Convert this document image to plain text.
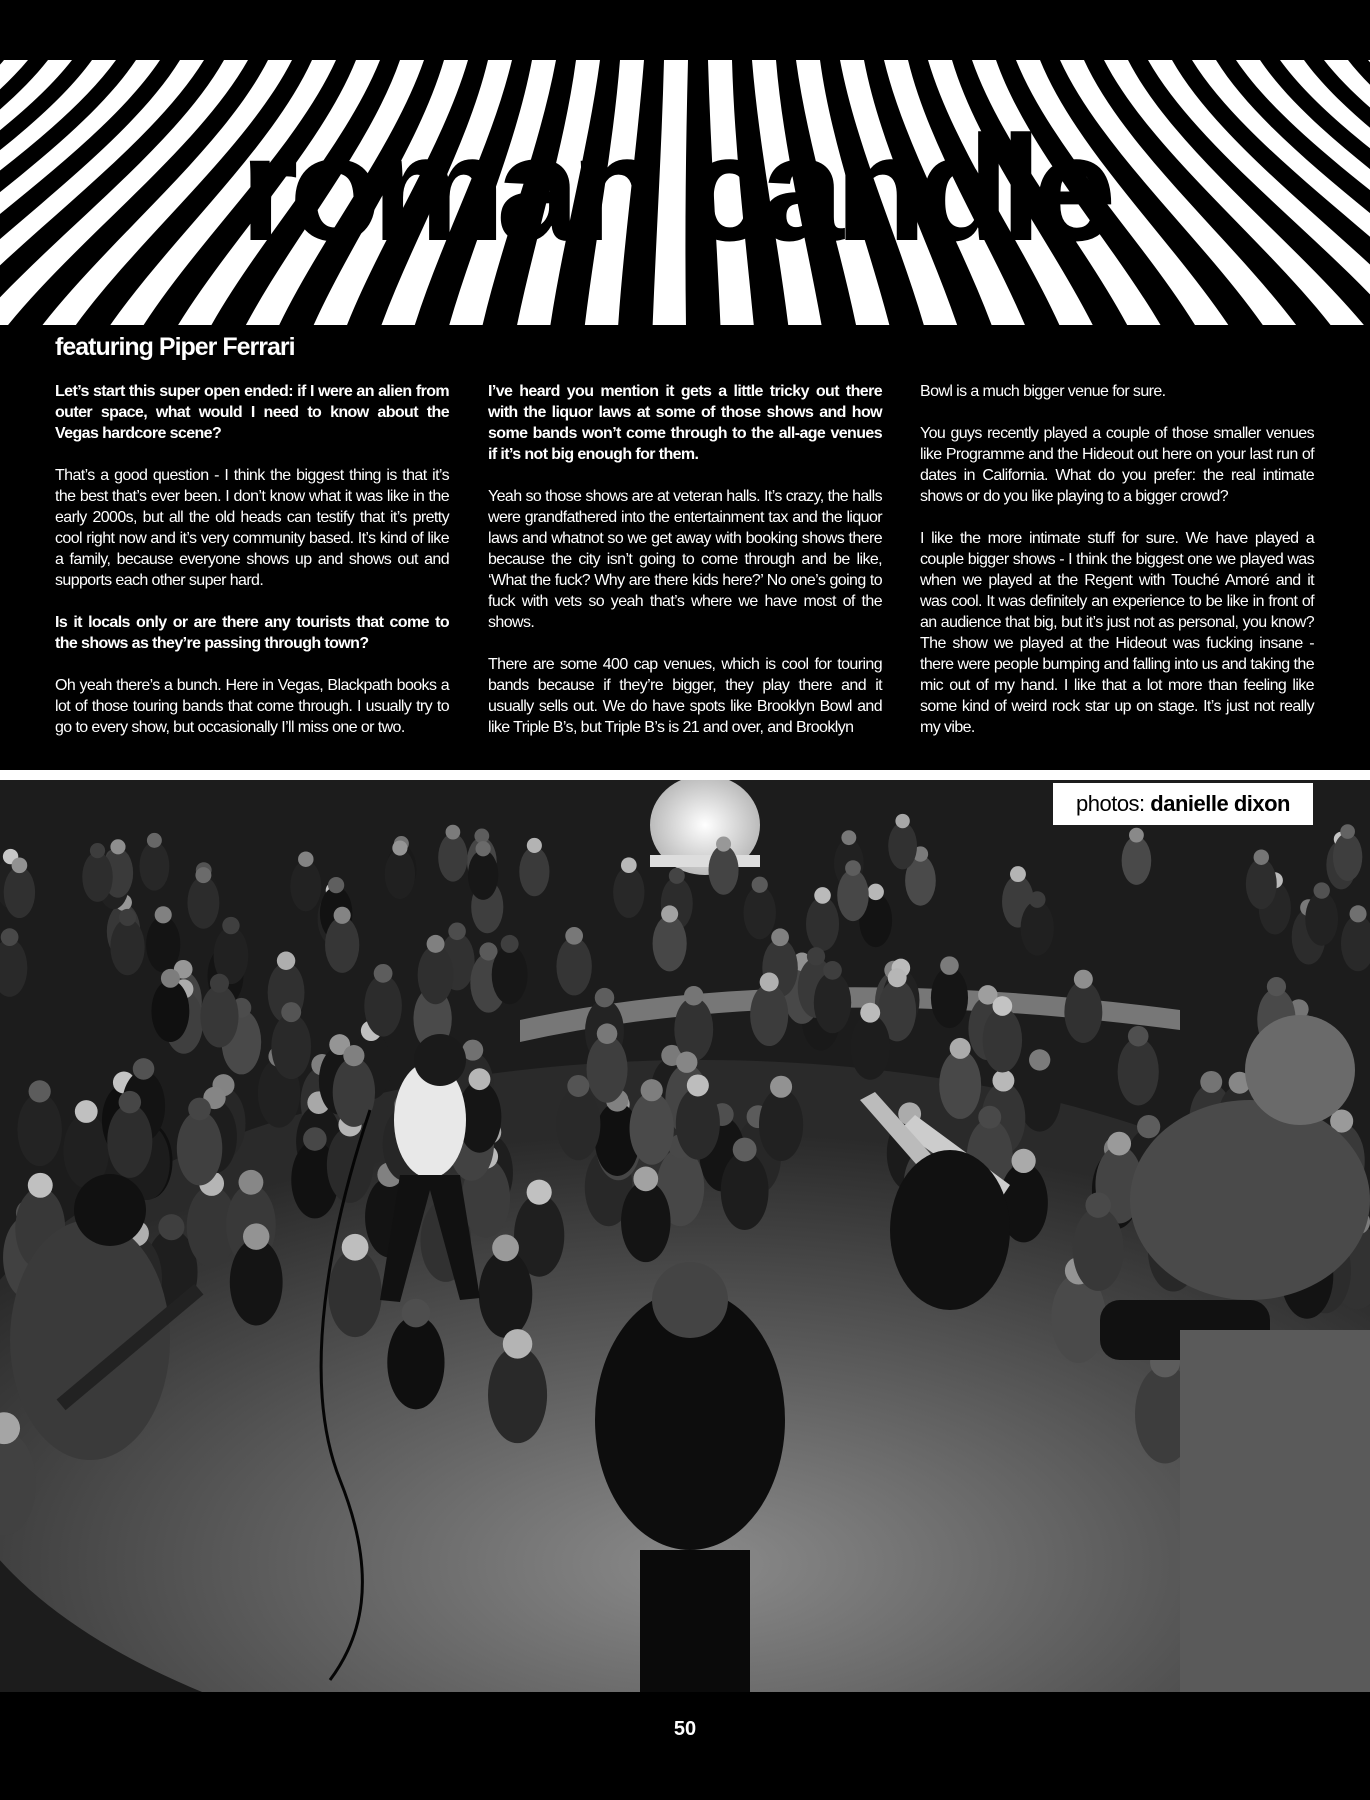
roman candle
featuring Piper Ferrari

Let’s start this super open ended: if I were an alien from outer space, what would I need to know about the Vegas hardcore scene?

That’s a good question - I think the biggest thing is that it’s the best that’s ever been. I don’t know what it was like in the early 2000s, but all the old heads can testify that it’s pretty cool right now and it’s very community based. It’s kind of like a family, because everyone shows up and shows out and supports each other super hard.

Is it locals only or are there any tourists that come to the shows as they’re passing through town?

Oh yeah there’s a bunch. Here in Vegas, Blackpath books a lot of those touring bands that come through. I usually try to go to every show, but occasionally I’ll miss one or two.

I’ve heard you mention it gets a little tricky out there with the liquor laws at some of those shows and how some bands won’t come through to the all-age venues if it’s not big enough for them.

Yeah so those shows are at veteran halls. It’s crazy, the halls were grandfathered into the entertainment tax and the liquor laws and whatnot so we get away with booking shows there because the city isn’t going to come through and be like, ‘What the fuck? Why are there kids here?’ No one’s going to fuck with vets so yeah that’s where we have most of the shows.

There are some 400 cap venues, which is cool for touring bands because if they’re bigger, they play there and it usually sells out. We do have spots like Brooklyn Bowl and like Triple B’s, but Triple B’s is 21 and over, and Brooklyn

Bowl is a much bigger venue for sure.

You guys recently played a couple of those smaller venues like Programme and the Hideout out here on your last run of dates in California. What do you prefer: the real intimate shows or do you like playing to a bigger crowd?

I like the more intimate stuff for sure. We have played a couple bigger shows - I think the biggest one we played was when we played at the Regent with Touché Amoré and it was cool. It was definitely an experience to be like in front of an audience that big, but it’s just not as personal, you know? The show we played at the Hideout was fucking insane - there were people bumping and falling into us and taking the mic out of my hand. I like that a lot more than feeling like some kind of weird rock star up on stage. It’s just not really my vibe.

photos: danielle dixon
50
